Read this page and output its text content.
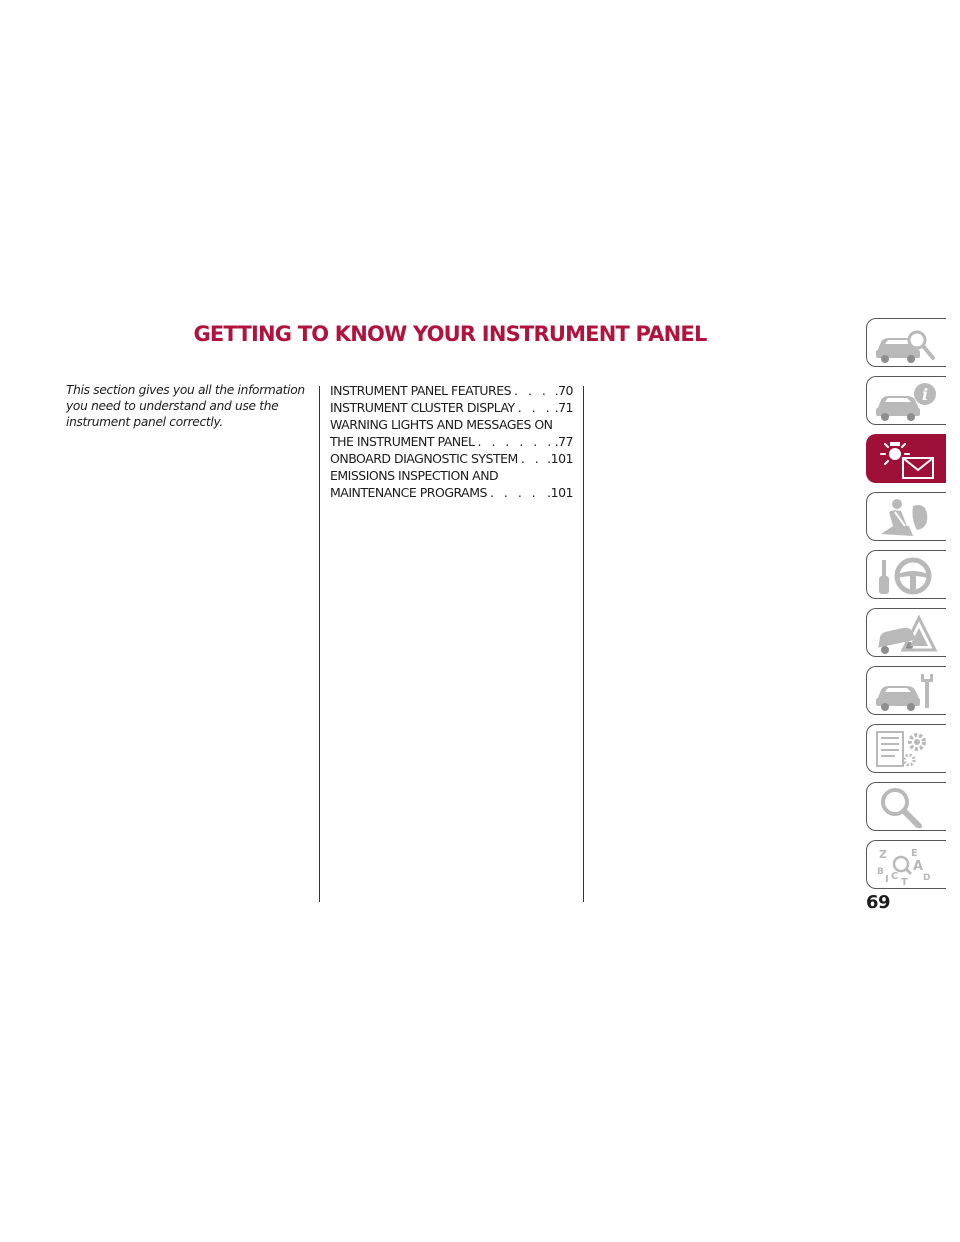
GETTING TO KNOW YOUR INSTRUMENT PANEL

This section gives you all the information you need to understand and use the instrument panel correctly.

INSTRUMENT PANEL FEATURES . . .	.70
INSTRUMENT CLUSTER DISPLAY . . .	.71
WARNING LIGHTS AND MESSAGES ON
THE INSTRUMENT PANEL . . .	.77
ONBOARD DIAGNOSTIC SYSTEM . . . .101
EMISSIONS INSPECTION AND
MAINTENANCE PROGRAMS . . .	.101
i
Z E
A
B
I C
T D
69
